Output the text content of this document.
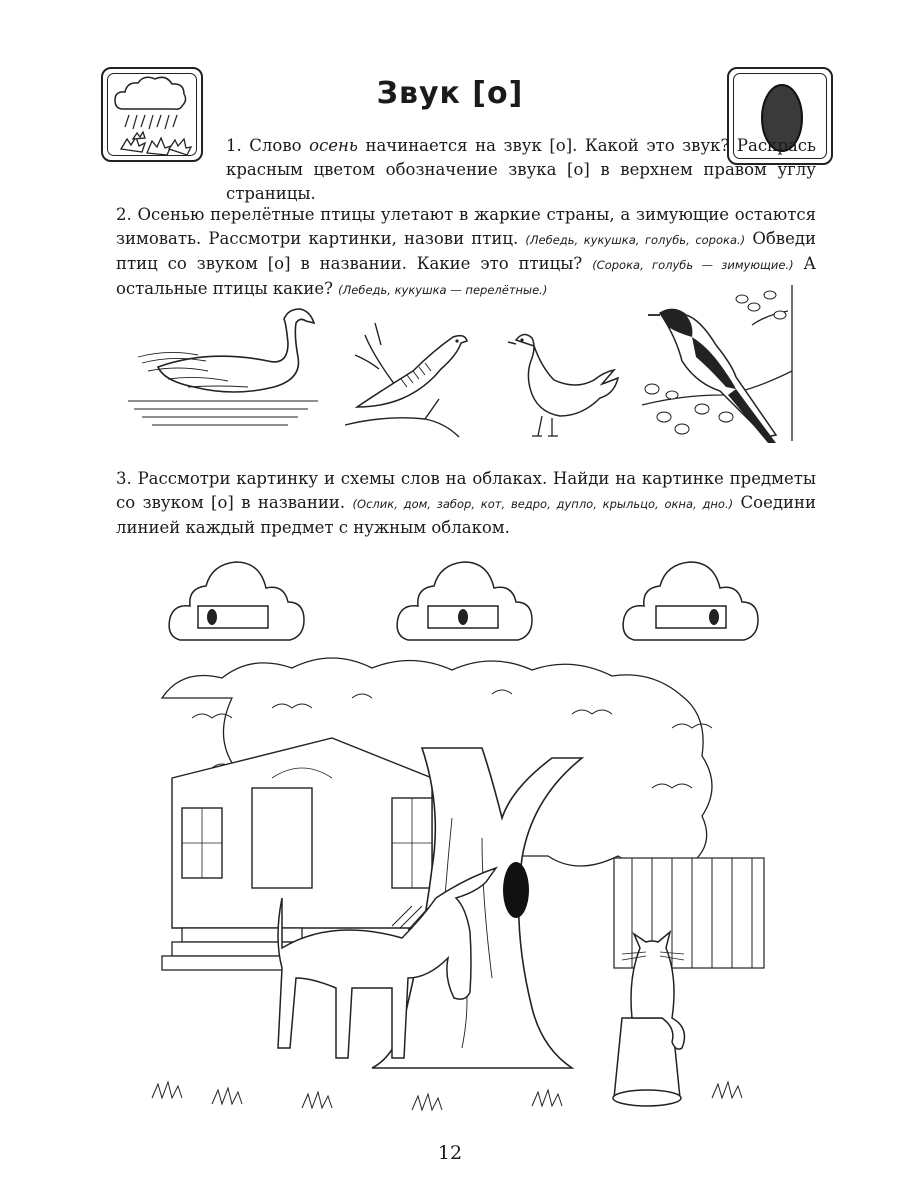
Звук [о]
1. Слово осень начинается на звук [о]. Какой это звук? Раскрась красным цветом обозначение звука [о] в верхнем правом углу страницы.
2. Осенью перелётные птицы улетают в жаркие страны, а зимующие остаются зимовать. Рассмотри картинки, назови птиц. (Лебедь, кукушка, голубь, сорока.) Обведи птиц со звуком [о] в названии. Какие это птицы? (Сорока, голубь — зимующие.) А остальные птицы какие? (Лебедь, кукушка — перелётные.)
3. Рассмотри картинку и схемы слов на облаках. Найди на картинке предметы со звуком [о] в названии. (Ослик, дом, забор, кот, ведро, дупло, крыльцо, окна, дно.) Соедини линией каждый предмет с нужным облаком.
12
